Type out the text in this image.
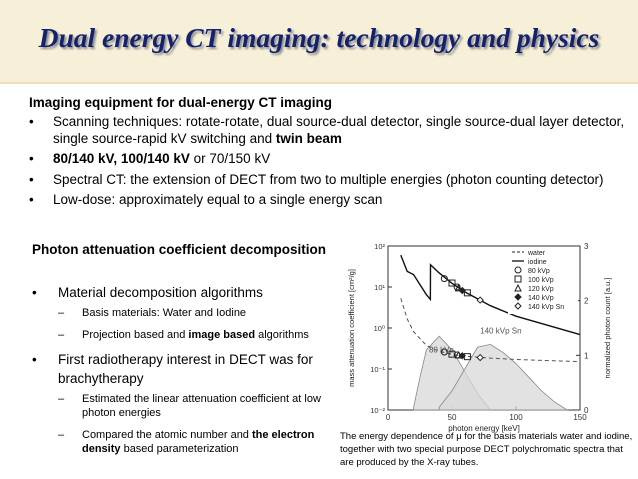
Dual energy CT imaging: technology and physics
Imaging equipment for dual-energy CT imaging
• Scanning techniques: rotate-rotate, dual source-dual detector, single source-dual layer detector, single source-rapid kV switching and twin beam
• 80/140 kV, 100/140 kV or 70/150 kV
• Spectral CT: the extension of DECT from two to multiple energies (photon counting detector)
• Low-dose: approximately equal to a single energy scan
Photon attenuation coefficient decomposition
• Material decomposition algorithms
– Basis materials: Water and Iodine
– Projection based and image based algorithms
• First radiotherapy interest in DECT was for brachytherapy
– Estimated the linear attenuation coefficient at low photon energies
– Compared the atomic number and the electron density based parameterization
0	50	100	150
10⁻²
10⁻¹
10⁰
10¹
10²
0
1
2
3
photon energy [keV]
mass attenuation coefficient [cm²/g]	normalized photon count [a.u.]
80 kVp
140 kVp Sn
water
iodine
80 kVp
100 kVp
120 kVp
140 kVp
140 kVp Sn
The energy dependence of μ for the basis materials water and iodine, together with two special purpose DECT polychromatic spectra that are produced by the X-ray tubes.
